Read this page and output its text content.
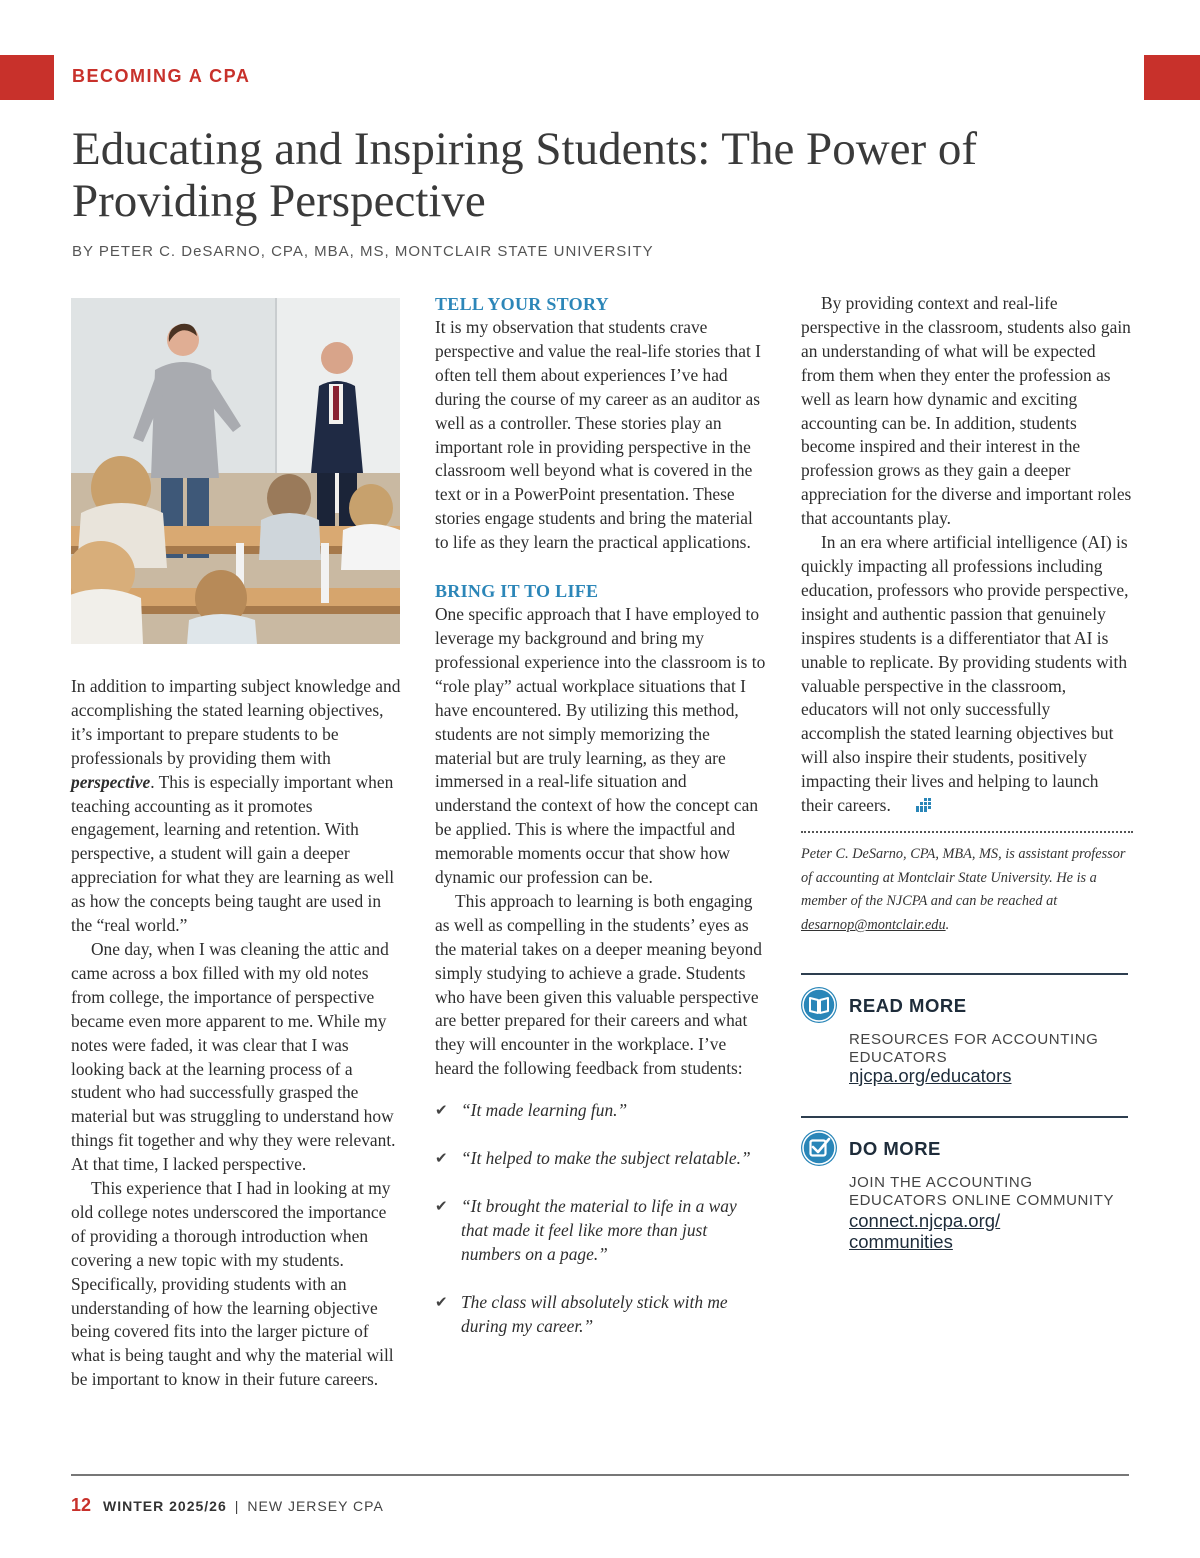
BECOMING A CPA
Educating and Inspiring Students: The Power of Providing Perspective
BY PETER C. DeSARNO, CPA, MBA, MS, MONTCLAIR STATE UNIVERSITY

In addition to imparting subject knowledge and accomplishing the stated learning objectives, it’s important to prepare students to be professionals by providing them with perspective. This is especially important when teaching accounting as it promotes engagement, learning and retention. With perspective, a student will gain a deeper appreciation for what they are learning as well as how the concepts being taught are used in the “real world.”

One day, when I was cleaning the attic and came across a box filled with my old notes from college, the importance of perspective became even more apparent to me. While my notes were faded, it was clear that I was looking back at the learning process of a student who had successfully grasped the material but was struggling to understand how things fit together and why they were relevant. At that time, I lacked perspective.

This experience that I had in looking at my old college notes underscored the importance of providing a thorough introduction when covering a new topic with my students. Specifically, providing students with an understanding of how the learning objective being covered fits into the larger picture of what is being taught and why the material will be important to know in their future careers.

TELL YOUR STORY

It is my observation that students crave perspective and value the real-life stories that I often tell them about experiences I’ve had during the course of my career as an auditor as well as a controller. These stories play an important role in providing perspective in the classroom well beyond what is covered in the text or in a PowerPoint presentation. These stories engage students and bring the material to life as they learn the practical applications.

BRING IT TO LIFE

One specific approach that I have employed to leverage my background and bring my professional experience into the classroom is to “role play” actual workplace situations that I have encountered. By utilizing this method, students are not simply memorizing the material but are truly learning, as they are immersed in a real-life situation and understand the context of how the concept can be applied. This is where the impactful and memorable moments occur that show how dynamic our profession can be.

This approach to learning is both engaging as well as compelling in the students’ eyes as the material takes on a deeper meaning beyond simply studying to achieve a grade. Students who have been given this valuable perspective are better prepared for their careers and what they will encounter in the workplace. I’ve heard the following feedback from students:

✔ “It made learning fun.”
✔ “It helped to make the subject relatable.”
✔ “It brought the material to life in a way that made it feel like more than just numbers on a page.”
✔ The class will absolutely stick with me during my career.”

By providing context and real-life perspective in the classroom, students also gain an understanding of what will be expected from them when they enter the profession as well as learn how dynamic and exciting accounting can be. In addition, students become inspired and their interest in the profession grows as they gain a deeper appreciation for the diverse and important roles that accountants play.

In an era where artificial intelligence (AI) is quickly impacting all professions including education, professors who provide perspective, insight and authentic passion that genuinely inspires students is a differentiator that AI is unable to replicate. By providing students with valuable perspective in the classroom, educators will not only successfully accomplish the stated learning objectives but will also inspire their students, positively impacting their lives and helping to launch their careers.

Peter C. DeSarno, CPA, MBA, MS, is assistant professor of accounting at Montclair State University. He is a member of the NJCPA and can be reached at desarnop@montclair.edu.

READ MORE
RESOURCES FOR ACCOUNTING EDUCATORS
njcpa.org/educators
DO MORE
JOIN THE ACCOUNTING EDUCATORS ONLINE COMMUNITY
connect.njcpa.org/
communities
12 WINTER 2025/26 | NEW JERSEY CPA
